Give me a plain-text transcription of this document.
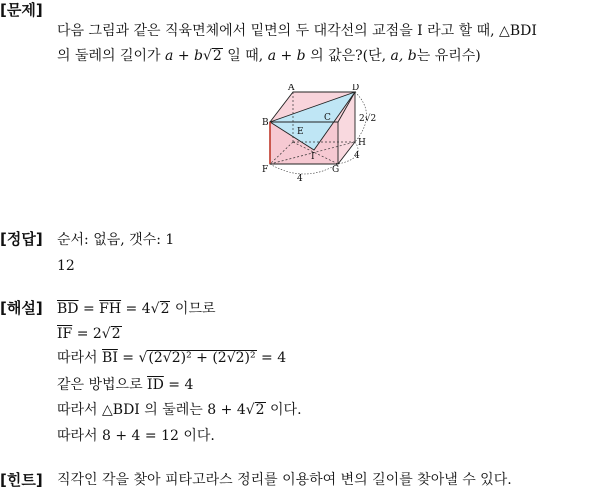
[문제]
다음 그림과 같은 직육면체에서 밑면의 두 대각선의 교점을 I 라고 할 때, △BDI
의 둘레의 길이가 a + b√2 일 때, a + b 의 값은?(단, a, b는 유리수)
A	D
B	C
E
H
I
F	G
2√2
4
4
[정답] 순서: 없음, 갯수: 1
12
[해설] $\overline{BD} = \overline{FH} = 4√2$ 이므로
$\overline{IF} = 2√2$
따라서 $\overline{BI} = √(2√2)^2 + (2√2)^2 = 4$
같은 방법으로 $\overline{ID} = 4$
따라서 △BDI 의 둘레는 8 + 4√2 이다.
따라서 8 + 4 = 12 이다.
[힌트] 직각인 각을 찾아 피타고라스 정리를 이용하여 변의 길이를 찾아낼 수 있다.
